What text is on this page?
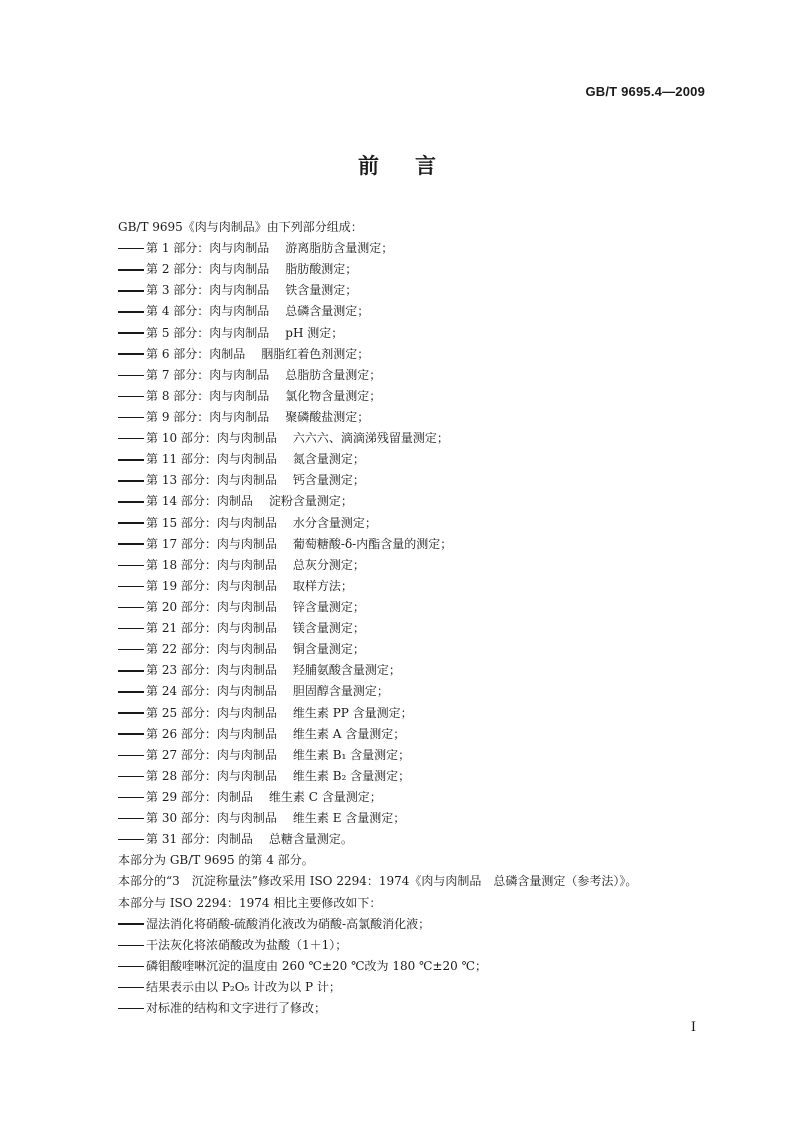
GB/T 9695.4—2009
前言
GB/T 9695《肉与肉制品》由下列部分组成：
第 1 部分：肉与肉制品 游离脂肪含量测定；
第 2 部分：肉与肉制品 脂肪酸测定；
第 3 部分：肉与肉制品 铁含量测定；
第 4 部分：肉与肉制品 总磷含量测定；
第 5 部分：肉与肉制品 pH 测定；
第 6 部分：肉制品 胭脂红着色剂测定；
第 7 部分：肉与肉制品 总脂肪含量测定；
第 8 部分：肉与肉制品 氯化物含量测定；
第 9 部分：肉与肉制品 聚磷酸盐测定；
第 10 部分：肉与肉制品 六六六、滴滴涕残留量测定；
第 11 部分：肉与肉制品 氮含量测定；
第 13 部分：肉与肉制品 钙含量测定；
第 14 部分：肉制品 淀粉含量测定；
第 15 部分：肉与肉制品 水分含量测定；
第 17 部分：肉与肉制品 葡萄糖酸-δ-内酯含量的测定；
第 18 部分：肉与肉制品 总灰分测定；
第 19 部分：肉与肉制品 取样方法；
第 20 部分：肉与肉制品 锌含量测定；
第 21 部分：肉与肉制品 镁含量测定；
第 22 部分：肉与肉制品 铜含量测定；
第 23 部分：肉与肉制品 羟脯氨酸含量测定；
第 24 部分：肉与肉制品 胆固醇含量测定；
第 25 部分：肉与肉制品 维生素 PP 含量测定；
第 26 部分：肉与肉制品 维生素 A 含量测定；
第 27 部分：肉与肉制品 维生素 B₁ 含量测定；
第 28 部分：肉与肉制品 维生素 B₂ 含量测定；
第 29 部分：肉制品 维生素 C 含量测定；
第 30 部分：肉与肉制品 维生素 E 含量测定；
第 31 部分：肉制品 总糖含量测定。
本部分为 GB/T 9695 的第 4 部分。
本部分的“3　沉淀称量法”修改采用 ISO 2294：1974《肉与肉制品　总磷含量测定（参考法）》。
本部分与 ISO 2294：1974 相比主要修改如下：
湿法消化将硝酸-硫酸消化液改为硝酸-高氯酸消化液；
干法灰化将浓硝酸改为盐酸（1＋1）；
磷钼酸喹啉沉淀的温度由 260 ℃±20 ℃改为 180 ℃±20 ℃；
结果表示由以 P₂O₅ 计改为以 P 计；
对标准的结构和文字进行了修改；
I
